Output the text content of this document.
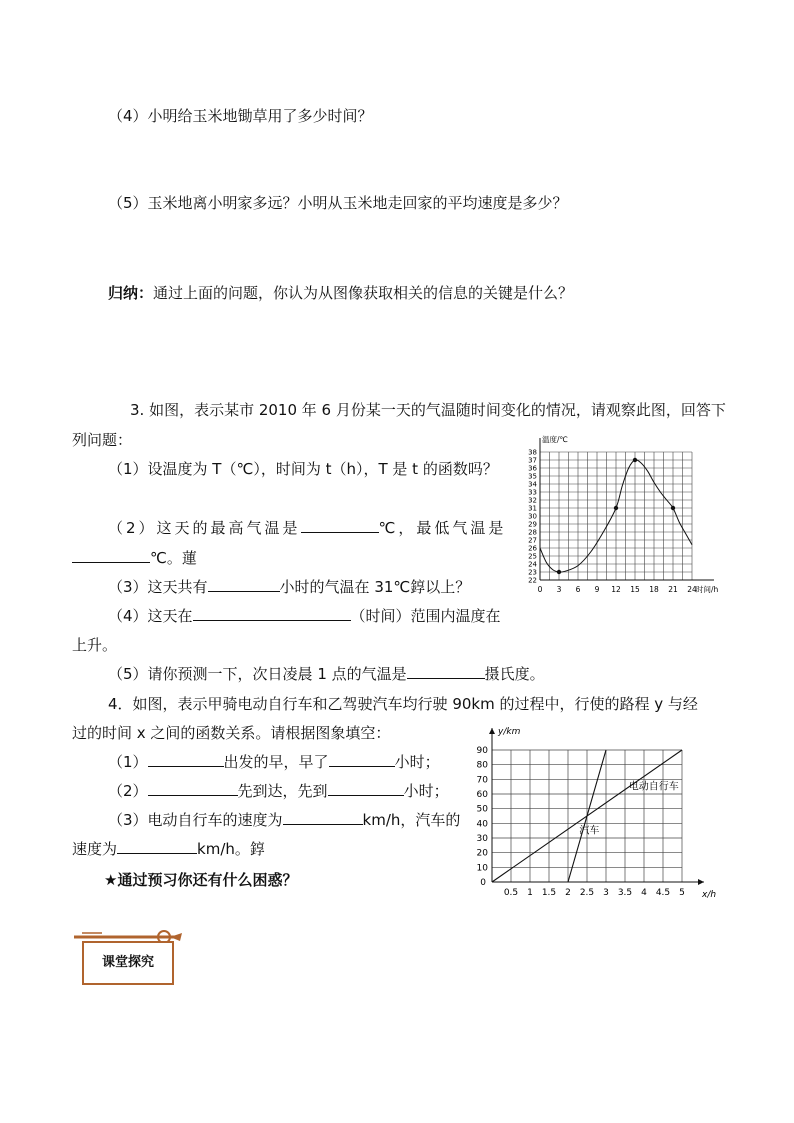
（4）小明给玉米地锄草用了多少时间？
（5）玉米地离小明家多远？小明从玉米地走回家的平均速度是多少？
归纳：通过上面的问题，你认为从图像获取相关的信息的关键是什么？
3. 如图，表示某市 2010 年 6 月份某一天的气温随时间变化的情况，请观察此图，回答下
列问题：
（1）设温度为 T（℃），时间为 t（h），T 是 t 的函数吗？
（2）这天的最高气温是	℃，最低气温是
℃。蓮
（3）这天共有	小时的气温在 31℃錞以上？
（4）这天在	（时间）范围内温度在
上升。
（5）请你预测一下，次日凌晨 1 点的气温是	摄氏度。
4．如图，表示甲骑电动自行车和乙驾驶汽车均行驶 90km 的过程中，行使的路程 y 与经
过的时间 x 之间的函数关系。请根据图象填空：
（1）	出发的早，早了	小时；
（2）	先到达，先到	小时；
（3）电动自行车的速度为	km/h，汽车的
速度为	km/h。錞
★通过预习你还有什么困惑？
课堂探究
22
23
24
25
26
27
28
29
30
31
32
33
34
35
36
37
38
0 3 6 9 12 15 18 21 24
温度/℃
时间/h
10
20
30
40
50
60
70
80
90
0
0.5 1 1.5 2 2.5 3 3.5 4 4.5 5
y/km
x/h
电动自行车
汽车
